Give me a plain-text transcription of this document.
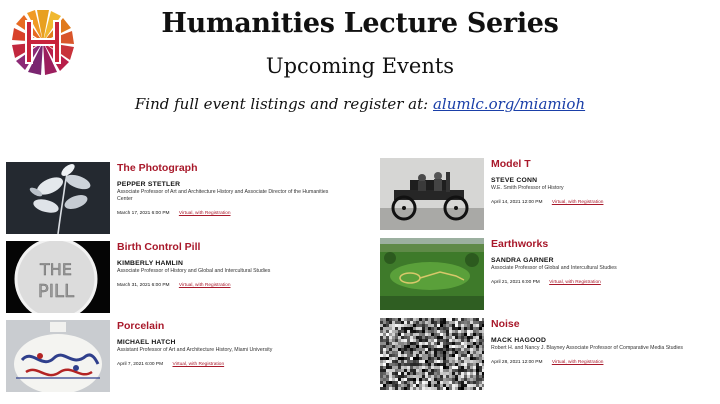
Humanities Lecture Series
Upcoming Events
Find full event listings and register at: alumlc.org/miamioh
The Photograph
PEPPER STETLER
Associate Professor of Art and Architecture History and Associate Director of the Humanities Center
March 17, 2021 6:00 PM Virtual, with Registration
THE
PILL
Birth Control Pill
KIMBERLY HAMLIN
Associate Professor of History and Global and Intercultural Studies
March 31, 2021 6:00 PM Virtual, with Registration
Porcelain
MICHAEL HATCH
Assistant Professor of Art and Architecture History, Miami University
April 7, 2021 6:00 PM Virtual, with Registration
Model T
STEVE CONN
W.E. Smith Professor of History
April 14, 2021 12:00 PM Virtual, with Registration
Earthworks
SANDRA GARNER
Associate Professor of Global and Intercultural Studies
April 21, 2021 6:00 PM Virtual, with Registration
Noise
MACK HAGOOD
Robert H. and Nancy J. Blayney Associate Professor of Comparative Media Studies
April 28, 2021 12:00 PM Virtual, with Registration
